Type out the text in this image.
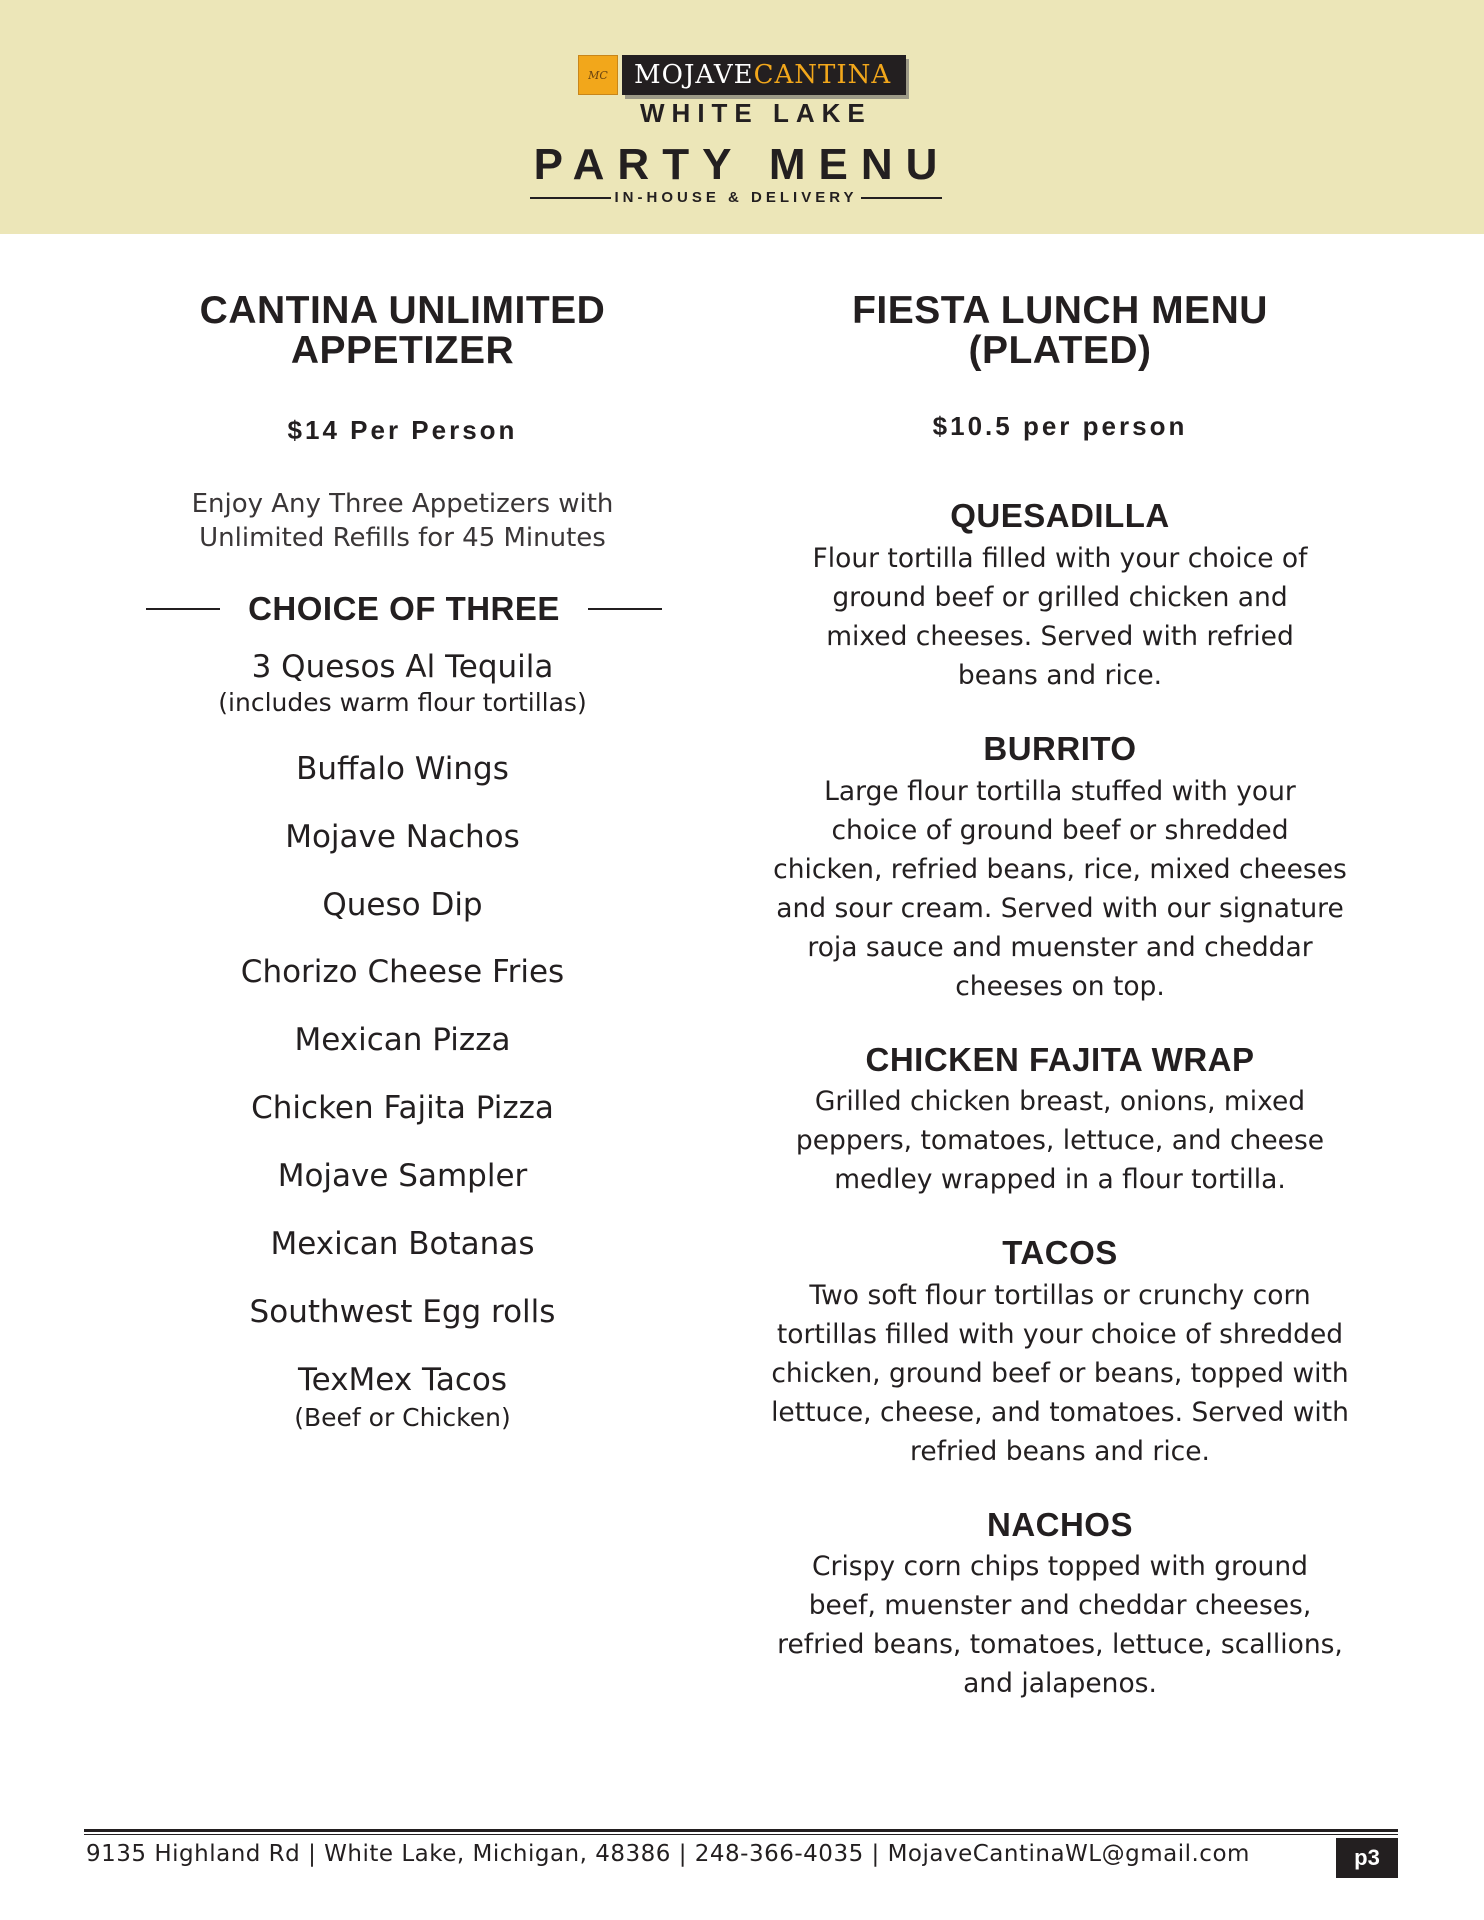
MC	MOJAVE CANTINA
WHITE LAKE
PARTY MENU
IN-HOUSE & DELIVERY
CANTINA UNLIMITED
APPETIZER
$14 Per Person
Enjoy Any Three Appetizers with
Unlimited Refills for 45 Minutes
CHOICE OF THREE
3 Quesos Al Tequila
(includes warm flour tortillas)
Buffalo Wings
Mojave Nachos
Queso Dip
Chorizo Cheese Fries
Mexican Pizza
Chicken Fajita Pizza
Mojave Sampler
Mexican Botanas
Southwest Egg rolls
TexMex Tacos
(Beef or Chicken)
FIESTA LUNCH MENU
(PLATED)
$10.5 per person
QUESADILLA
Flour tortilla filled with your choice of
ground beef or grilled chicken and
mixed cheeses. Served with refried
beans and rice.
BURRITO
Large flour tortilla stuffed with your
choice of ground beef or shredded
chicken, refried beans, rice, mixed cheeses
and sour cream. Served with our signature
roja sauce and muenster and cheddar
cheeses on top.
CHICKEN FAJITA WRAP
Grilled chicken breast, onions, mixed
peppers, tomatoes, lettuce, and cheese
medley wrapped in a flour tortilla.
TACOS
Two soft flour tortillas or crunchy corn
tortillas filled with your choice of shredded
chicken, ground beef or beans, topped with
lettuce, cheese, and tomatoes. Served with
refried beans and rice.
NACHOS
Crispy corn chips topped with ground
beef, muenster and cheddar cheeses,
refried beans, tomatoes, lettuce, scallions,
and jalapenos.
9135 Highland Rd | White Lake, Michigan, 48386 | 248-366-4035 | MojaveCantinaWL@gmail.com	p3
